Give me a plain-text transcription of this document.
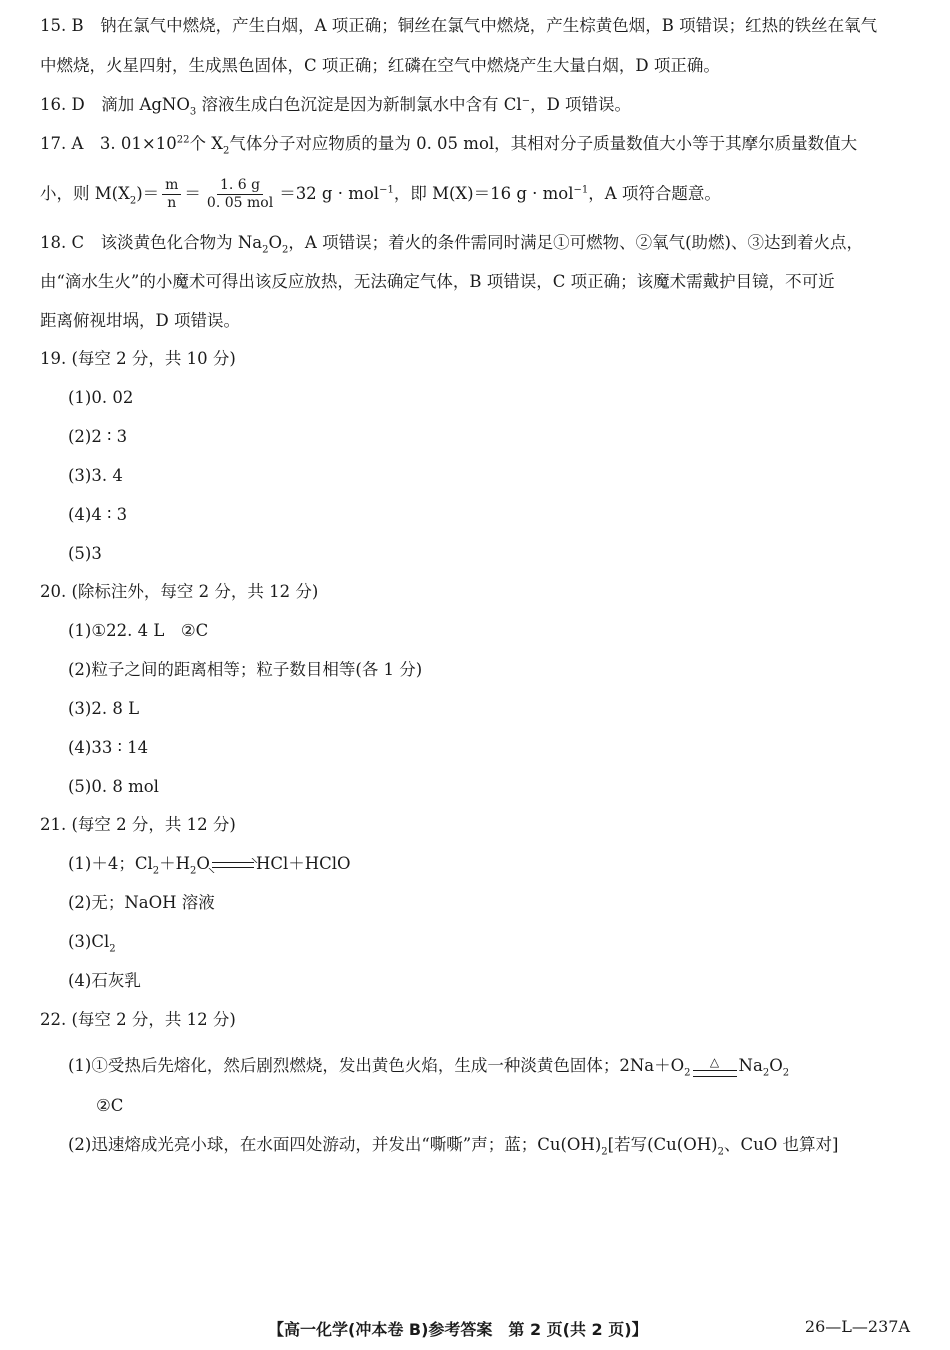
15. B　钠在氯气中燃烧，产生白烟，A 项正确；铜丝在氯气中燃烧，产生棕黄色烟，B 项错误；红热的铁丝在氧气
中燃烧，火星四射，生成黑色固体，C 项正确；红磷在空气中燃烧产生大量白烟，D 项正确。
16. D　滴加 AgNO$_3$ 溶液生成白色沉淀是因为新制氯水中含有 Cl−，D 项错误。
17. A　3. $01\times 10^{22}$个 $X_2$气体分子对应物质的量为 0. 05 mol，其相对分子质量数值大小等于其摩尔质量数值大
小，则 $M(X_2)= \frac{m}{n} = \frac{1. 6 g}{\text{0. 05 mol}} =32$ g · mol$^{-1}$，即 M(X)＝16 g · mol$^{-1}$，A 项符合题意。
18. C　该淡黄色化合物为 $Na_2O_2$，A 项错误；着火的条件需同时满足①可燃物、②氧气(助燃)、③达到着火点，
由“滴水生火”的小魔术可得出该反应放热，无法确定气体，B 项错误，C 项正确；该魔术需戴护目镜，不可近
距离俯视坩埚，D 项错误。
19. (每空 2 分，共 10 分)
(1)0. 02
(2)2 ∶ 3
(3)3. 4
(4)4 ∶ 3
(5)3
20. (除标注外，每空 2 分，共 12 分)
(1)①22. 4 L　②C
(2)粒子之间的距离相等；粒子数目相等(各 1 分)
(3)2. 8 L
(4)33 ∶ 14
(5)0. 8 mol
21. (每空 2 分，共 12 分)
(1)＋4；$Cl_2+H_2O$	HCl＋HClO
(2)无；NaOH 溶液
$(3)Cl_2$
(4)石灰乳
22. (每空 2 分，共 12 分)
(1)①受热后先熔化，然后剧烈燃烧，发出黄色火焰，生成一种淡黄色固体；$2Na+O_2$
△	$Na_2O_2$
②C
(2)迅速熔成光亮小球，在水面四处游动，并发出“嘶嘶”声；蓝；$Cu(OH)_2$[若写($Cu(OH)_2$、CuO 也算对]
【高一化学(冲本卷 B)参考答案　第 2 页(共 2 页)】	26—L—237A
